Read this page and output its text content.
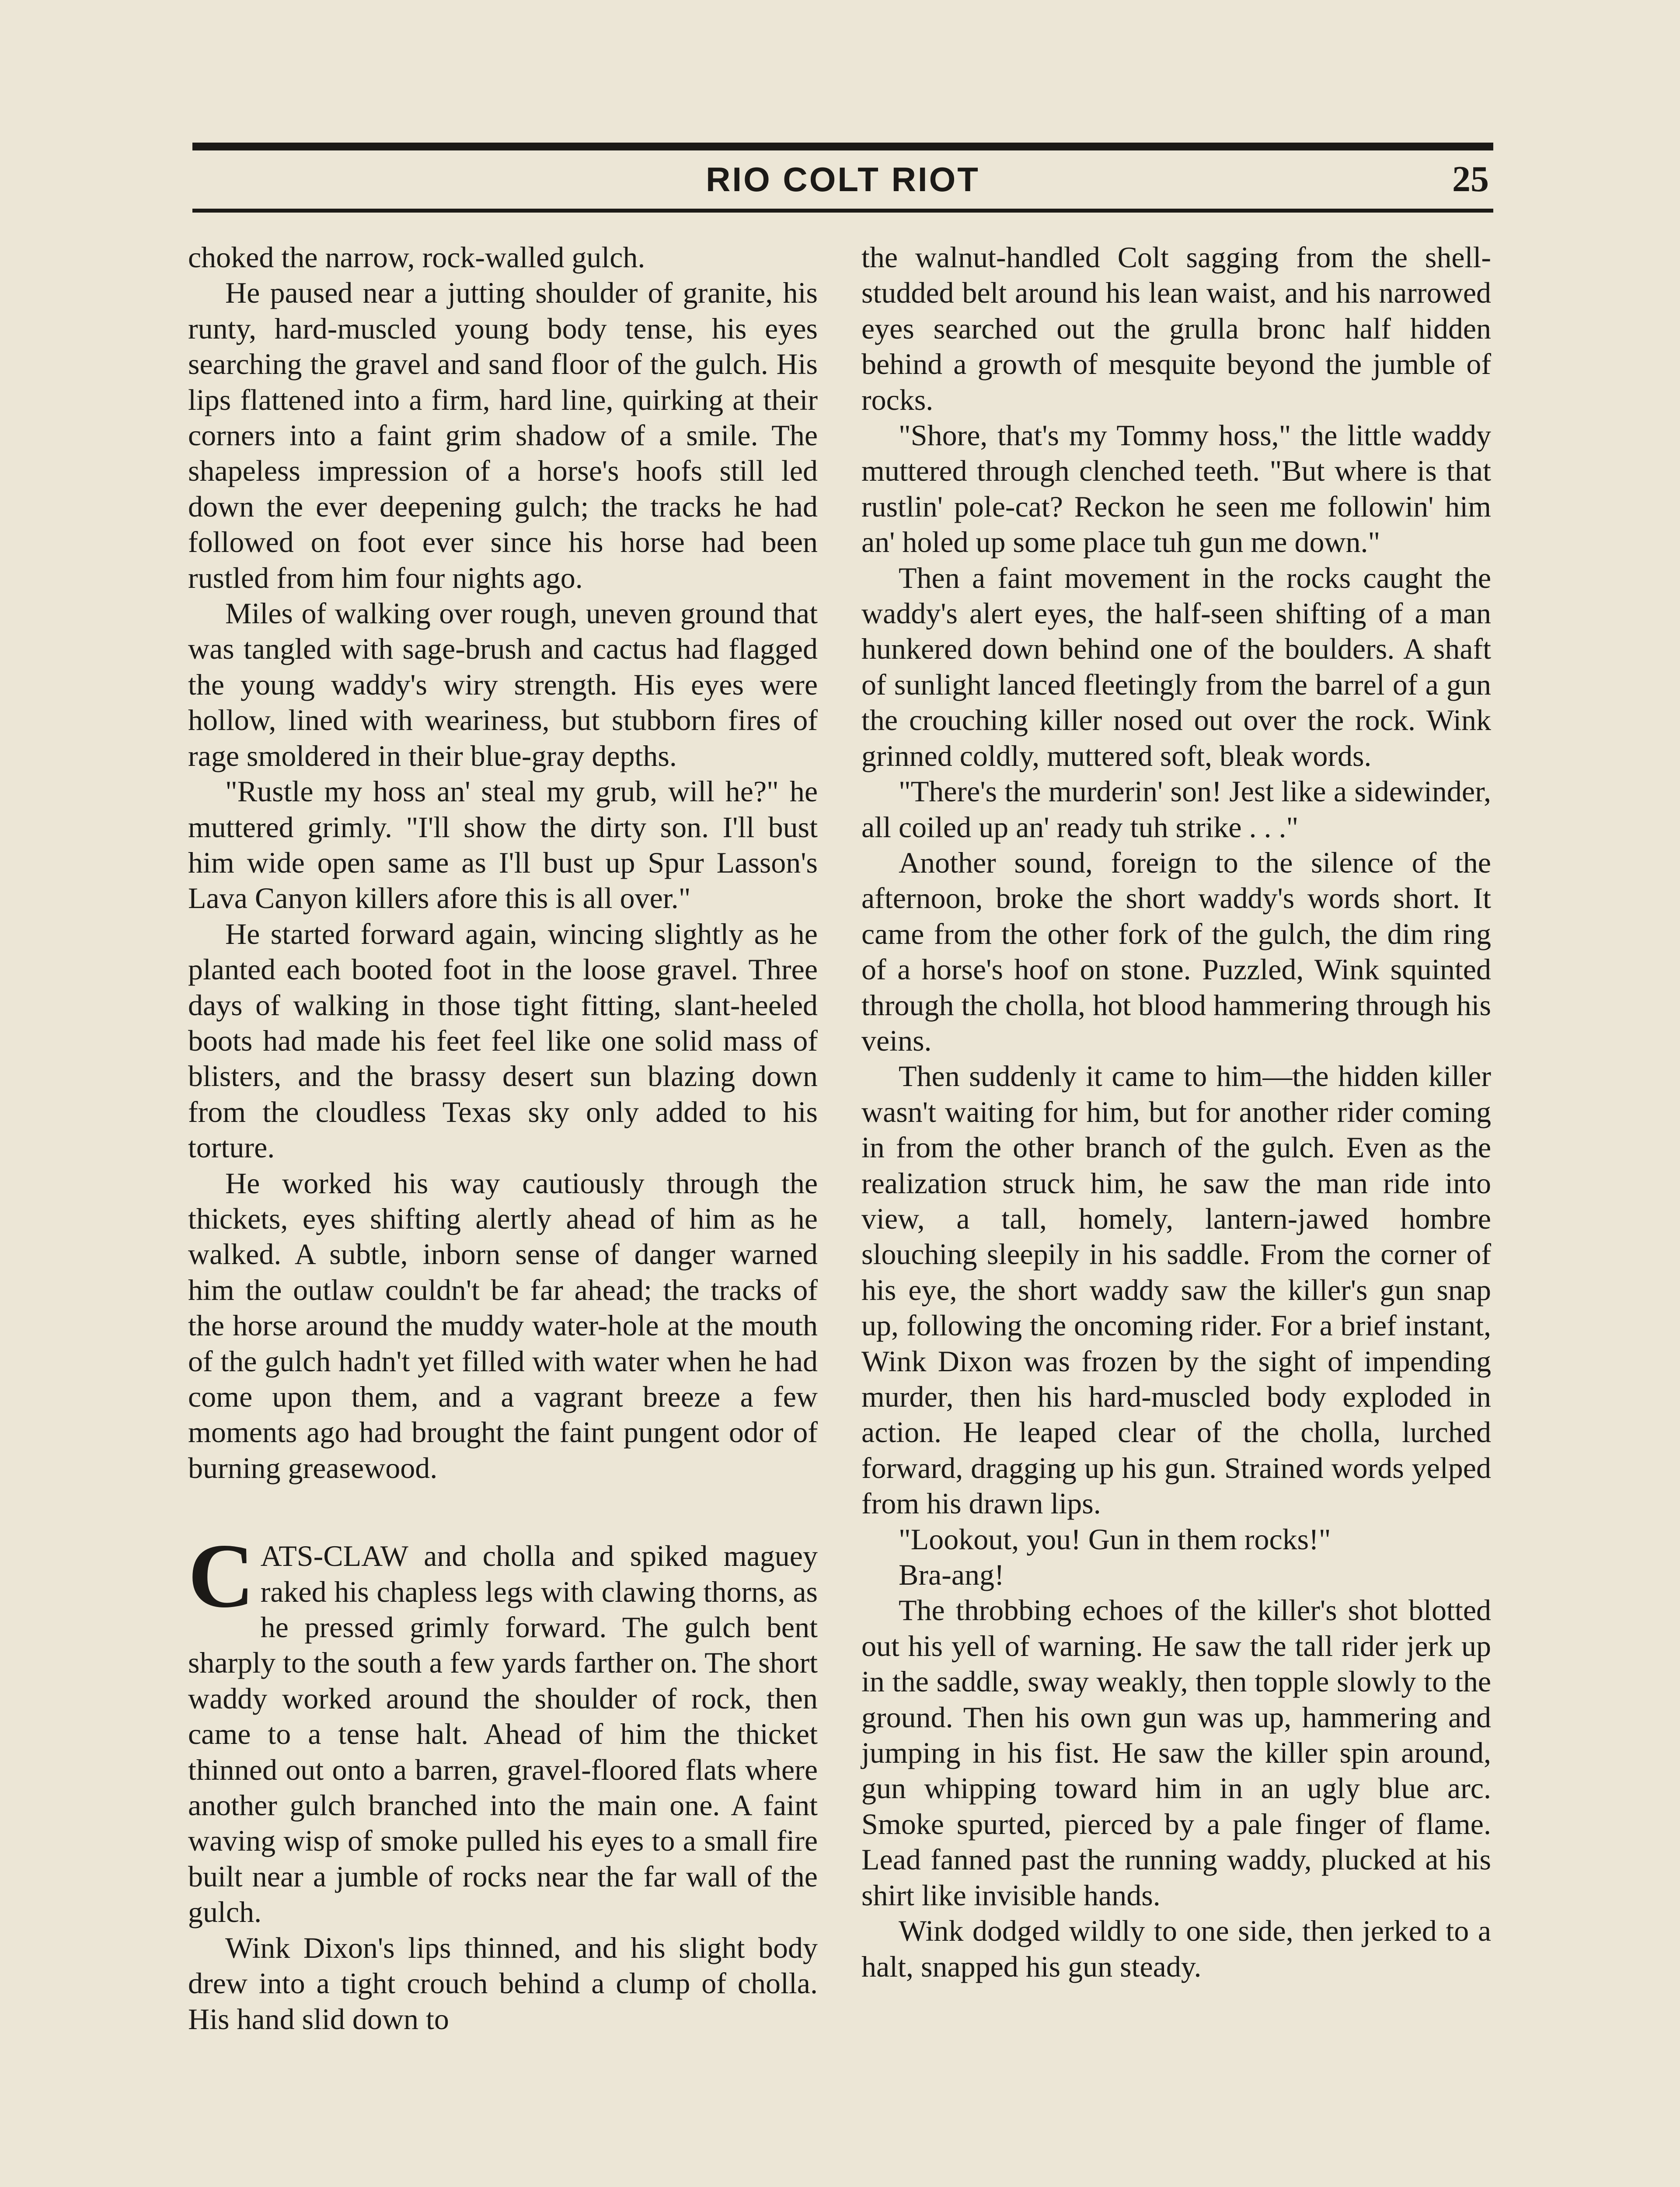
RIO COLT RIOT	25

choked the narrow, rock-walled gulch.

He paused near a jutting shoulder of granite, his runty, hard-muscled young body tense, his eyes searching the gravel and sand floor of the gulch. His lips flattened into a firm, hard line, quirking at their corners into a faint grim shadow of a smile. The shapeless impression of a horse's hoofs still led down the ever deepening gulch; the tracks he had followed on foot ever since his horse had been rustled from him four nights ago.

Miles of walking over rough, uneven ground that was tangled with sage-brush and cactus had flagged the young waddy's wiry strength. His eyes were hollow, lined with weariness, but stubborn fires of rage smoldered in their blue-gray depths.

"Rustle my hoss an' steal my grub, will he?" he muttered grimly. "I'll show the dirty son. I'll bust him wide open same as I'll bust up Spur Lasson's Lava Canyon killers afore this is all over."

He started forward again, wincing slightly as he planted each booted foot in the loose gravel. Three days of walking in those tight fitting, slant-heeled boots had made his feet feel like one solid mass of blisters, and the brassy desert sun blazing down from the cloudless Texas sky only added to his torture.

He worked his way cautiously through the thickets, eyes shifting alertly ahead of him as he walked. A subtle, inborn sense of danger warned him the outlaw couldn't be far ahead; the tracks of the horse around the muddy water-hole at the mouth of the gulch hadn't yet filled with water when he had come upon them, and a vagrant breeze a few moments ago had brought the faint pungent odor of burning greasewood.

CATS-CLAW and cholla and spiked maguey raked his chapless legs with clawing thorns, as he pressed grimly forward. The gulch bent sharply to the south a few yards farther on. The short waddy worked around the shoulder of rock, then came to a tense halt. Ahead of him the thicket thinned out onto a barren, gravel-floored flats where another gulch branched into the main one. A faint waving wisp of smoke pulled his eyes to a small fire built near a jumble of rocks near the far wall of the gulch.

Wink Dixon's lips thinned, and his slight body drew into a tight crouch behind a clump of cholla. His hand slid down to

the walnut-handled Colt sagging from the shell-studded belt around his lean waist, and his narrowed eyes searched out the grulla bronc half hidden behind a growth of mesquite beyond the jumble of rocks.

"Shore, that's my Tommy hoss," the little waddy muttered through clenched teeth. "But where is that rustlin' pole-cat? Reckon he seen me followin' him an' holed up some place tuh gun me down."

Then a faint movement in the rocks caught the waddy's alert eyes, the half-seen shifting of a man hunkered down behind one of the boulders. A shaft of sunlight lanced fleetingly from the barrel of a gun the crouching killer nosed out over the rock. Wink grinned coldly, muttered soft, bleak words.

"There's the murderin' son! Jest like a sidewinder, all coiled up an' ready tuh strike . . ."

Another sound, foreign to the silence of the afternoon, broke the short waddy's words short. It came from the other fork of the gulch, the dim ring of a horse's hoof on stone. Puzzled, Wink squinted through the cholla, hot blood hammering through his veins.

Then suddenly it came to him—the hidden killer wasn't waiting for him, but for another rider coming in from the other branch of the gulch. Even as the realization struck him, he saw the man ride into view, a tall, homely, lantern-jawed hombre slouching sleepily in his saddle. From the corner of his eye, the short waddy saw the killer's gun snap up, following the oncoming rider. For a brief instant, Wink Dixon was frozen by the sight of impending murder, then his hard-muscled body exploded in action. He leaped clear of the cholla, lurched forward, dragging up his gun. Strained words yelped from his drawn lips.

"Lookout, you! Gun in them rocks!"

Bra-ang!

The throbbing echoes of the killer's shot blotted out his yell of warning. He saw the tall rider jerk up in the saddle, sway weakly, then topple slowly to the ground. Then his own gun was up, hammering and jumping in his fist. He saw the killer spin around, gun whipping toward him in an ugly blue arc. Smoke spurted, pierced by a pale finger of flame. Lead fanned past the running waddy, plucked at his shirt like invisible hands.

Wink dodged wildly to one side, then jerked to a halt, snapped his gun steady.
